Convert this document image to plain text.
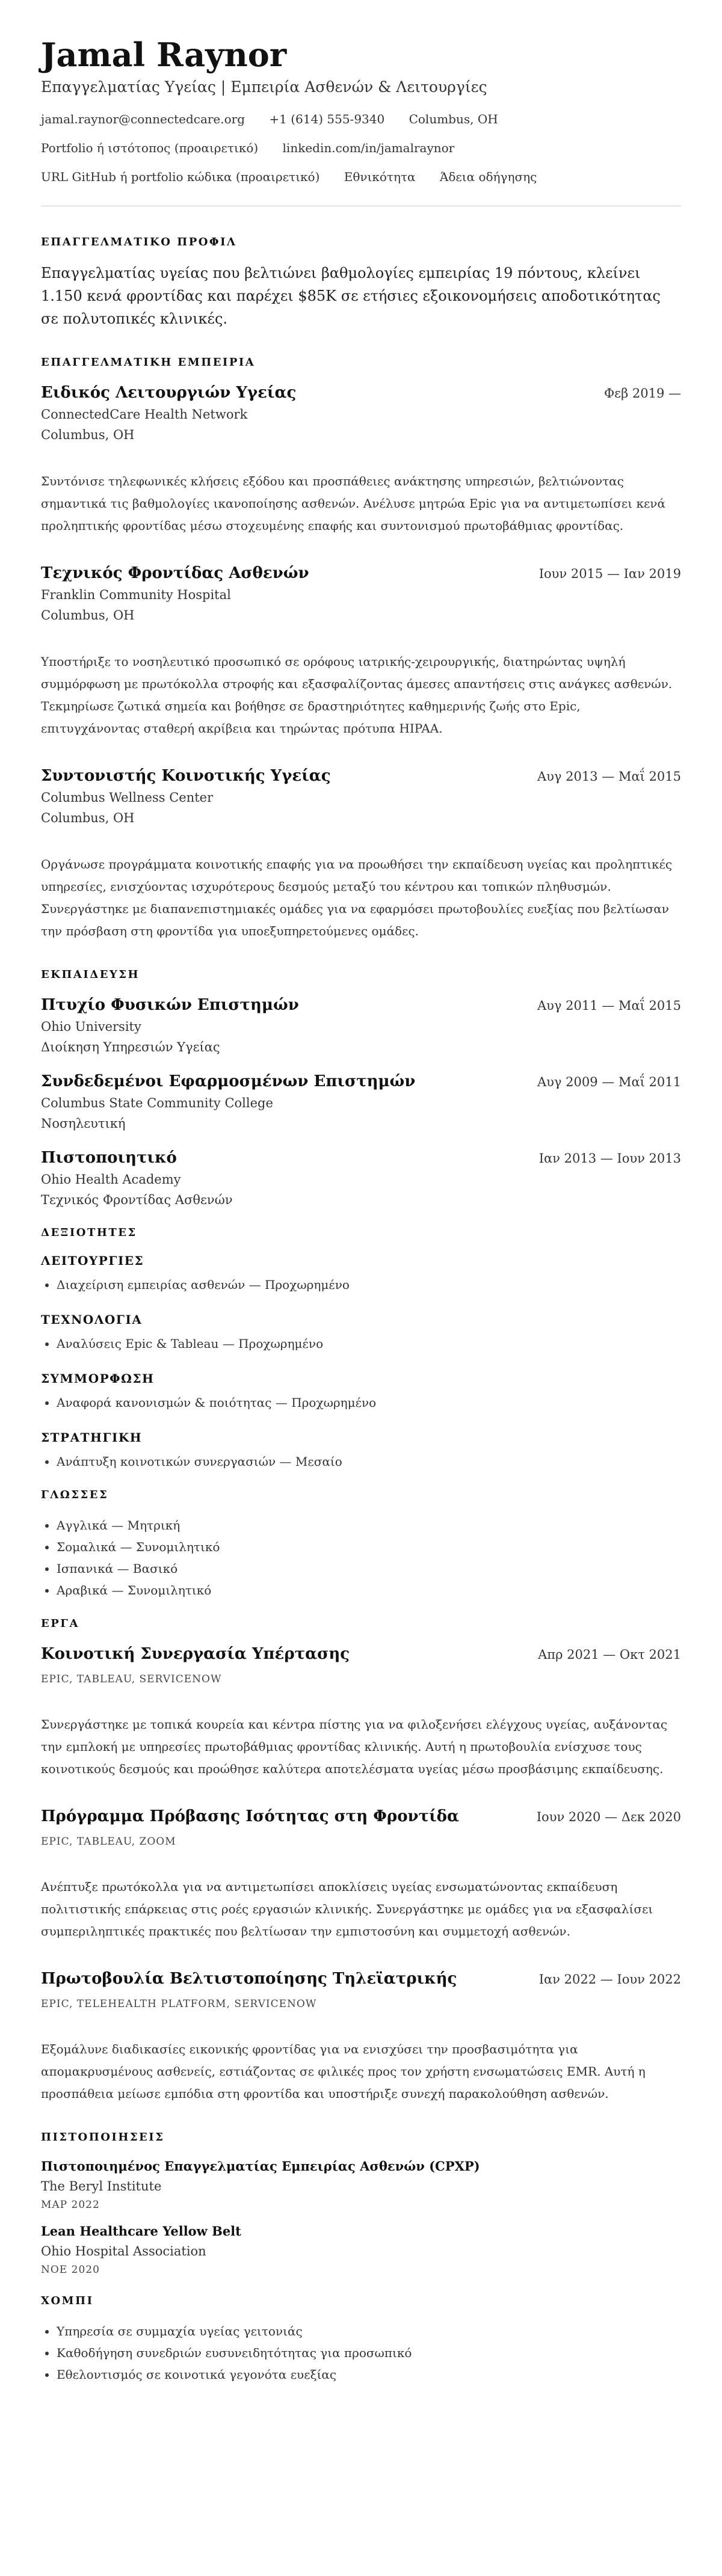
Jamal Raynor
Επαγγελματίας Υγείας | Εμπειρία Ασθενών & Λειτουργίες
jamal.raynor@connectedcare.org +1 (614) 555-9340 Columbus, OH
Portfolio ή ιστότοπος (προαιρετικό) linkedin.com/in/jamalraynor
URL GitHub ή portfolio κώδικα (προαιρετικό) Εθνικότητα Άδεια οδήγησης
ΕΠΑΓΓΕΛΜΑΤΙΚΟ ΠΡΟΦΙΛ

Επαγγελματίας υγείας που βελτιώνει βαθμολογίες εμπειρίας 19 πόντους, κλείνει 1.150 κενά φροντίδας και παρέχει $85K σε ετήσιες εξοικονομήσεις αποδοτικότητας σε πολυτοπικές κλινικές.

ΕΠΑΓΓΕΛΜΑΤΙΚΗ ΕΜΠΕΙΡΙΑ
Ειδικός Λειτουργιών Υγείας	Φεβ 2019 —
ConnectedCare Health Network
Columbus, OH

Συντόνισε τηλεφωνικές κλήσεις εξόδου και προσπάθειες ανάκτησης υπηρεσιών, βελτιώνοντας σημαντικά τις βαθμολογίες ικανοποίησης ασθενών. Ανέλυσε μητρώα Epic για να αντιμετωπίσει κενά προληπτικής φροντίδας μέσω στοχευμένης επαφής και συντονισμού πρωτοβάθμιας φροντίδας.

Τεχνικός Φροντίδας Ασθενών	Ιουν 2015 — Ιαν 2019
Franklin Community Hospital
Columbus, OH

Υποστήριξε το νοσηλευτικό προσωπικό σε ορόφους ιατρικής-χειρουργικής, διατηρώντας υψηλή συμμόρφωση με πρωτόκολλα στροφής και εξασφαλίζοντας άμεσες απαντήσεις στις ανάγκες ασθενών. Τεκμηρίωσε ζωτικά σημεία και βοήθησε σε δραστηριότητες καθημερινής ζωής στο Epic, επιτυγχάνοντας σταθερή ακρίβεια και τηρώντας πρότυπα HIPAA.

Συντονιστής Κοινοτικής Υγείας	Αυγ 2013 — Μαΐ 2015
Columbus Wellness Center
Columbus, OH

Οργάνωσε προγράμματα κοινοτικής επαφής για να προωθήσει την εκπαίδευση υγείας και προληπτικές υπηρεσίες, ενισχύοντας ισχυρότερους δεσμούς μεταξύ του κέντρου και τοπικών πληθυσμών. Συνεργάστηκε με διαπανεπιστημιακές ομάδες για να εφαρμόσει πρωτοβουλίες ευεξίας που βελτίωσαν την πρόσβαση στη φροντίδα για υποεξυπηρετούμενες ομάδες.

ΕΚΠΑΙΔΕΥΣΗ
Πτυχίο Φυσικών Επιστημών	Αυγ 2011 — Μαΐ 2015
Ohio University
Διοίκηση Υπηρεσιών Υγείας
Συνδεδεμένοι Εφαρμοσμένων Επιστημών	Αυγ 2009 — Μαΐ 2011
Columbus State Community College
Νοσηλευτική
Πιστοποιητικό	Ιαν 2013 — Ιουν 2013
Ohio Health Academy
Τεχνικός Φροντίδας Ασθενών
ΔΕΞΙΟΤΗΤΕΣ
ΛΕΙΤΟΥΡΓΙΕΣ
• Διαχείριση εμπειρίας ασθενών — Προχωρημένο
ΤΕΧΝΟΛΟΓΙΑ
• Αναλύσεις Epic & Tableau — Προχωρημένο
ΣΥΜΜΟΡΦΩΣΗ
• Αναφορά κανονισμών & ποιότητας — Προχωρημένο
ΣΤΡΑΤΗΓΙΚΗ
• Ανάπτυξη κοινοτικών συνεργασιών — Μεσαίο
ΓΛΩΣΣΕΣ
• Αγγλικά — Μητρική
• Σομαλικά — Συνομιλητικό
• Ισπανικά — Βασικό
• Αραβικά — Συνομιλητικό
ΕΡΓΑ
Κοινοτική Συνεργασία Υπέρτασης	Απρ 2021 — Οκτ 2021
EPIC, TABLEAU, SERVICENOW

Συνεργάστηκε με τοπικά κουρεία και κέντρα πίστης για να φιλοξενήσει ελέγχους υγείας, αυξάνοντας την εμπλοκή με υπηρεσίες πρωτοβάθμιας φροντίδας κλινικής. Αυτή η πρωτοβουλία ενίσχυσε τους κοινοτικούς δεσμούς και προώθησε καλύτερα αποτελέσματα υγείας μέσω προσβάσιμης εκπαίδευσης.

Πρόγραμμα Πρόβασης Ισότητας στη Φροντίδα	Ιουν 2020 — Δεκ 2020
EPIC, TABLEAU, ZOOM

Ανέπτυξε πρωτόκολλα για να αντιμετωπίσει αποκλίσεις υγείας ενσωματώνοντας εκπαίδευση πολιτιστικής επάρκειας στις ροές εργασιών κλινικής. Συνεργάστηκε με ομάδες για να εξασφαλίσει συμπεριληπτικές πρακτικές που βελτίωσαν την εμπιστοσύνη και συμμετοχή ασθενών.

Πρωτοβουλία Βελτιστοποίησης Τηλεϊατρικής	Ιαν 2022 — Ιουν 2022
EPIC, TELEHEALTH PLATFORM, SERVICENOW

Εξομάλυνε διαδικασίες εικονικής φροντίδας για να ενισχύσει την προσβασιμότητα για απομακρυσμένους ασθενείς, εστιάζοντας σε φιλικές προς τον χρήστη ενσωματώσεις EMR. Αυτή η προσπάθεια μείωσε εμπόδια στη φροντίδα και υποστήριξε συνεχή παρακολούθηση ασθενών.

ΠΙΣΤΟΠΟΙΗΣΕΙΣ
Πιστοποιημένος Επαγγελματίας Εμπειρίας Ασθενών (CPXP)
The Beryl Institute
ΜΑΡ 2022
Lean Healthcare Yellow Belt
Ohio Hospital Association
ΝΟΕ 2020
ΧΟΜΠΙ
• Υπηρεσία σε συμμαχία υγείας γειτονιάς
• Καθοδήγηση συνεδριών ευσυνειδητότητας για προσωπικό
• Εθελοντισμός σε κοινοτικά γεγονότα ευεξίας
